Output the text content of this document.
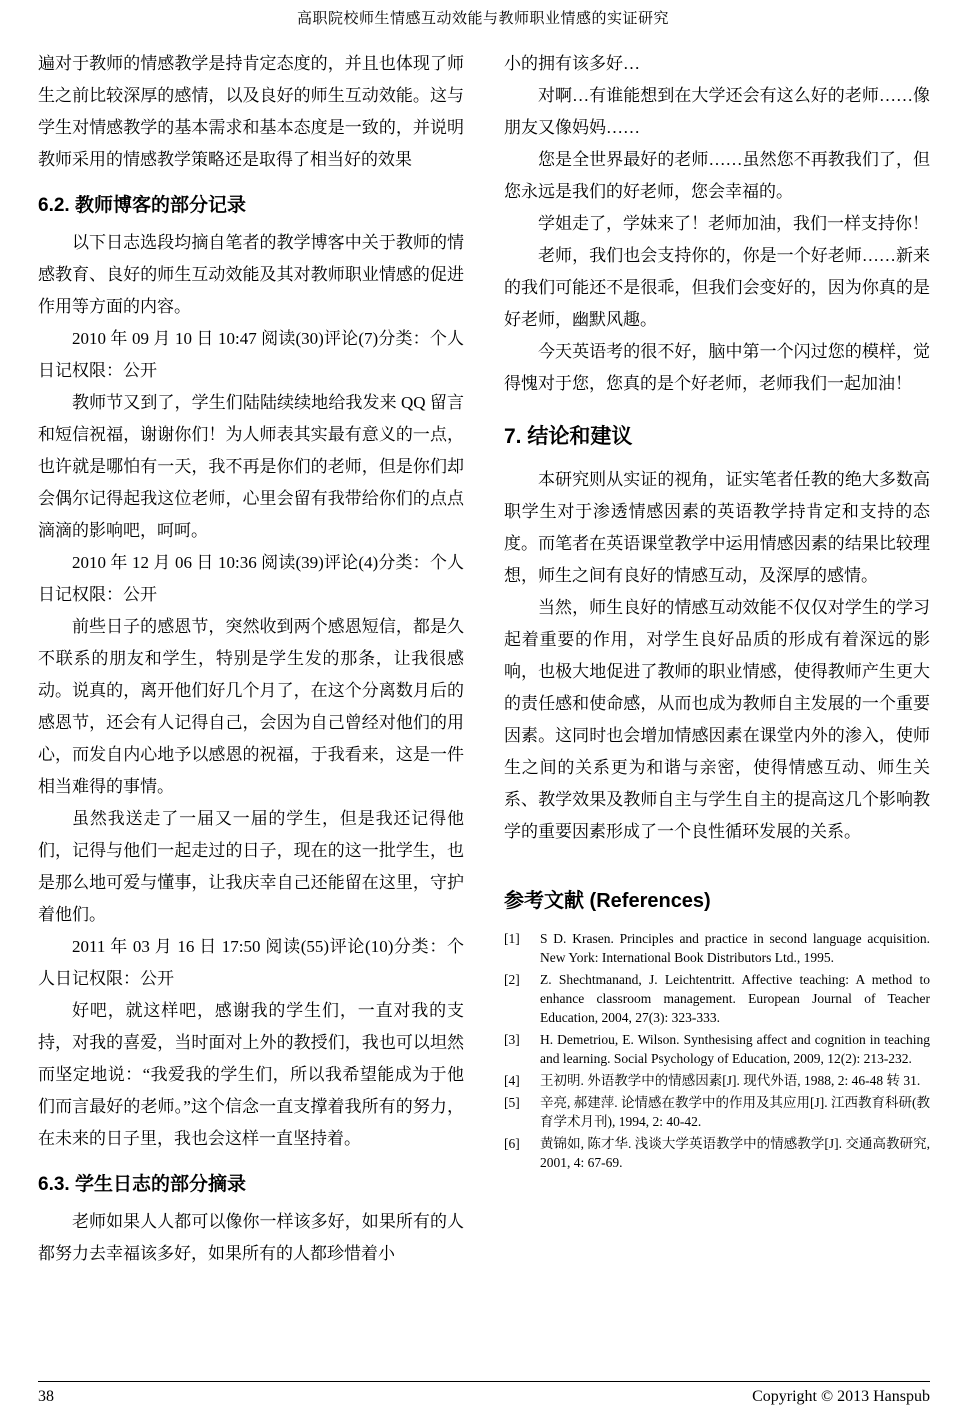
高职院校师生情感互动效能与教师职业情感的实证研究

遍对于教师的情感教学是持肯定态度的，并且也体现了师生之前比较深厚的感情，以及良好的师生互动效能。这与学生对情感教学的基本需求和基本态度是一致的，并说明教师采用的情感教学策略还是取得了相当好的效果

6.2. 教师博客的部分记录

以下日志选段均摘自笔者的教学博客中关于教师的情感教育、良好的师生互动效能及其对教师职业情感的促进作用等方面的内容。

2010 年 09 月 10 日 10:47 阅读(30)评论(7)分类：个人日记权限：公开

教师节又到了，学生们陆陆续续地给我发来 QQ 留言和短信祝福，谢谢你们！为人师表其实最有意义的一点，也许就是哪怕有一天，我不再是你们的老师，但是你们却会偶尔记得起我这位老师，心里会留有我带给你们的点点滴滴的影响吧，呵呵。

2010 年 12 月 06 日 10:36 阅读(39)评论(4)分类：个人日记权限：公开

前些日子的感恩节，突然收到两个感恩短信，都是久不联系的朋友和学生，特别是学生发的那条，让我很感动。说真的，离开他们好几个月了，在这个分离数月后的感恩节，还会有人记得自己，会因为自己曾经对他们的用心，而发自内心地予以感恩的祝福，于我看来，这是一件相当难得的事情。

虽然我送走了一届又一届的学生，但是我还记得他们，记得与他们一起走过的日子，现在的这一批学生，也是那么地可爱与懂事，让我庆幸自己还能留在这里，守护着他们。

2011 年 03 月 16 日 17:50 阅读(55)评论(10)分类：个人日记权限：公开

好吧，就这样吧，感谢我的学生们，一直对我的支持，对我的喜爱，当时面对上外的教授们，我也可以坦然而坚定地说：“我爱我的学生们，所以我希望能成为于他们而言最好的老师。”这个信念一直支撑着我所有的努力，在未来的日子里，我也会这样一直坚持着。

6.3. 学生日志的部分摘录

老师如果人人都可以像你一样该多好，如果所有的人都努力去幸福该多好，如果所有的人都珍惜着小

小的拥有该多好…

对啊…有谁能想到在大学还会有这么好的老师……像朋友又像妈妈……

您是全世界最好的老师……虽然您不再教我们了，但您永远是我们的好老师，您会幸福的。

学姐走了，学妹来了！老师加油，我们一样支持你！

老师，我们也会支持你的，你是一个好老师……新来的我们可能还不是很乖，但我们会变好的，因为你真的是好老师，幽默风趣。

今天英语考的很不好，脑中第一个闪过您的模样，觉得愧对于您，您真的是个好老师，老师我们一起加油！

7. 结论和建议

本研究则从实证的视角，证实笔者任教的绝大多数高职学生对于渗透情感因素的英语教学持肯定和支持的态度。而笔者在英语课堂教学中运用情感因素的结果比较理想，师生之间有良好的情感互动，及深厚的感情。

当然，师生良好的情感互动效能不仅仅对学生的学习起着重要的作用，对学生良好品质的形成有着深远的影响，也极大地促进了教师的职业情感，使得教师产生更大的责任感和使命感，从而也成为教师自主发展的一个重要因素。这同时也会增加情感因素在课堂内外的渗入，使师生之间的关系更为和谐与亲密，使得情感互动、师生关系、教学效果及教师自主与学生自主的提高这几个影响教学的重要因素形成了一个良性循环发展的关系。

参考文献 (References)
[1]	S D. Krasen. Principles and practice in second language acquisition. New York: International Book Distributors Ltd., 1995.
[2]	Z. Shechtmanand, J. Leichtentritt. Affective teaching: A method to enhance classroom management. European Journal of Teacher Education, 2004, 27(3): 323-333.
[3]	H. Demetriou, E. Wilson. Synthesising affect and cognition in teaching and learning. Social Psychology of Education, 2009, 12(2): 213-232.
[4]	王初明. 外语教学中的情感因素[J]. 现代外语, 1988, 2: 46-48 转 31.
[5]	辛亮, 郝建萍. 论情感在教学中的作用及其应用[J]. 江西教育科研(教育学术月刊), 1994, 2: 40-42.
[6]	黄锦如, 陈才华. 浅谈大学英语教学中的情感教学[J]. 交通高教研究, 2001, 4: 67-69.
38	Copyright © 2013 Hanspub
